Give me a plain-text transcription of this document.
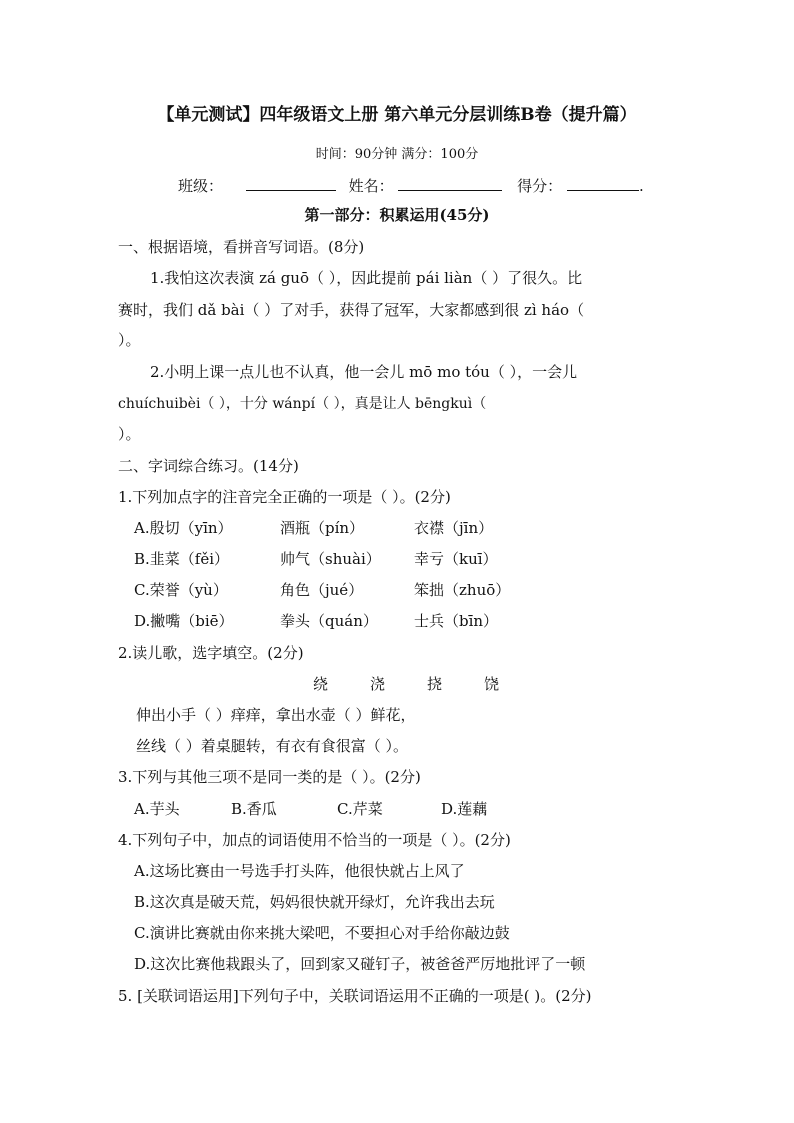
【单元测试】四年级语文上册 第六单元分层训练B卷（提升篇）
时间：90分钟 满分：100分
班级：	姓名：	得分：	.
第一部分：积累运用(45分)
一、根据语境，看拼音写词语。(8分)
1.我怕这次表演 zá guō（ ），因此提前 pái liàn（ ）了很久。比
赛时，我们 dǎ bài（ ）了对手，获得了冠军，大家都感到很 zì háo（
）。
2.小明上课一点儿也不认真，他一会儿 mō mo tóu（ ），一会儿
chuíchuibèi（ ），十分 wánpí（ ），真是让人 bēngkuì（
）。
二、字词综合练习。(14分)
1.下列加点字的注音完全正确的一项是（ ）。(2分)
A.殷切（yīn）	酒瓶（pín）	衣襟（jīn）
B.韭菜（fěi）	帅气（shuài） 幸亏（kuī）
C.荣誉（yù）	角色（jué）	笨拙（zhuō）
D.撇嘴（biē）	拳头（quán） 士兵（bīn）
2.读儿歌，选字填空。(2分)
绕	浇	挠	饶
伸出小手（ ）痒痒，拿出水壶（ ）鲜花，
丝线（ ）着桌腿转，有衣有食很富（ ）。
3.下列与其他三项不是同一类的是（ ）。(2分)
A.芋头	B.香瓜	C.芹菜	D.莲藕
4.下列句子中，加点的词语使用不恰当的一项是（ ）。(2分)
A.这场比赛由一号选手打头阵，他很快就占上风了
B.这次真是破天荒，妈妈很快就开绿灯，允许我出去玩
C.演讲比赛就由你来挑大梁吧，不要担心对手给你敲边鼓
D.这次比赛他栽跟头了，回到家又碰钉子，被爸爸严厉地批评了一顿
5. [关联词语运用]下列句子中，关联词语运用不正确的一项是( )。(2分)
